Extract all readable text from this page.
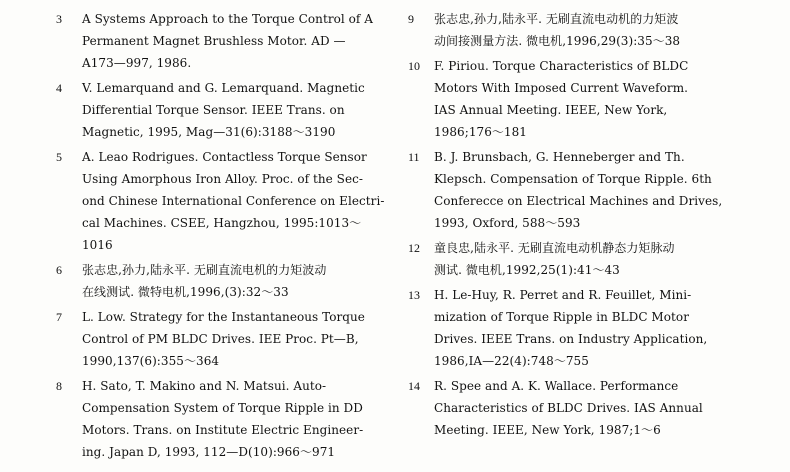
3 A Systems Approach to the Torque Control of A
Permanent Magnet Brushless Motor. AD —
A173—997, 1986.
4 V. Lemarquand and G. Lemarquand. Magnetic
Differential Torque Sensor. IEEE Trans. on
Magnetic, 1995, Mag—31(6):3188～3190
5 A. Leao Rodrigues. Contactless Torque Sensor
Using Amorphous Iron Alloy. Proc. of the Sec-
ond Chinese International Conference on Electri-
cal Machines. CSEE, Hangzhou, 1995:1013～
1016
6 张志忠,孙力,陆永平. 无刷直流电机的力矩波动
在线测试. 微特电机,1996,(3):32～33
7 L. Low. Strategy for the Instantaneous Torque
Control of PM BLDC Drives. IEE Proc. Pt—B,
1990,137(6):355～364
8 H. Sato, T. Makino and N. Matsui. Auto-
Compensation System of Torque Ripple in DD
Motors. Trans. on Institute Electric Engineer-
ing. Japan D, 1993, 112—D(10):966～971
9 张志忠,孙力,陆永平. 无刷直流电动机的力矩波
动间接测量方法. 微电机,1996,29(3):35～38
10 F. Piriou. Torque Characteristics of BLDC
Motors With Imposed Current Waveform.
IAS Annual Meeting. IEEE, New York,
1986;176～181
11 B. J. Brunsbach, G. Henneberger and Th.
Klepsch. Compensation of Torque Ripple. 6th
Conferecce on Electrical Machines and Drives,
1993, Oxford, 588～593
12 童良忠,陆永平. 无刷直流电动机静态力矩脉动
测试. 微电机,1992,25(1):41～43
13 H. Le-Huy, R. Perret and R. Feuillet, Mini-
mization of Torque Ripple in BLDC Motor
Drives. IEEE Trans. on Industry Application,
1986,IA—22(4):748～755
14 R. Spee and A. K. Wallace. Performance
Characteristics of BLDC Drives. IAS Annual
Meeting. IEEE, New York, 1987;1～6
